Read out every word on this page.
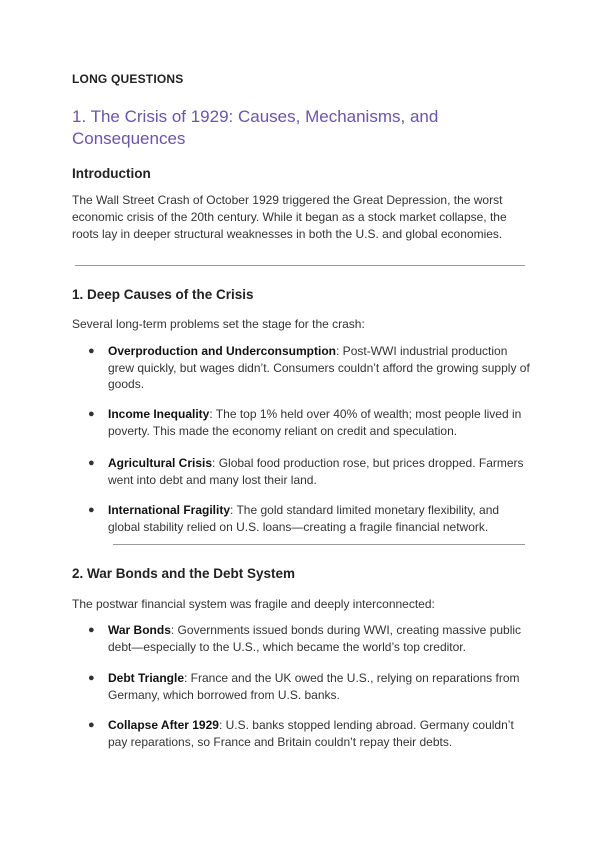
LONG QUESTIONS
1. The Crisis of 1929: Causes, Mechanisms, and Consequences
Introduction
The Wall Street Crash of October 1929 triggered the Great Depression, the worst economic crisis of the 20th century. While it began as a stock market collapse, the roots lay in deeper structural weaknesses in both the U.S. and global economies.
1. Deep Causes of the Crisis
Several long-term problems set the stage for the crash:
● Overproduction and Underconsumption: Post-WWI industrial production grew quickly, but wages didn’t. Consumers couldn’t afford the growing supply of goods.
● Income Inequality: The top 1% held over 40% of wealth; most people lived in poverty. This made the economy reliant on credit and speculation.
● Agricultural Crisis: Global food production rose, but prices dropped. Farmers went into debt and many lost their land.
● International Fragility: The gold standard limited monetary flexibility, and global stability relied on U.S. loans—creating a fragile financial network.
2. War Bonds and the Debt System
The postwar financial system was fragile and deeply interconnected:
● War Bonds: Governments issued bonds during WWI, creating massive public debt—especially to the U.S., which became the world’s top creditor.
● Debt Triangle: France and the UK owed the U.S., relying on reparations from Germany, which borrowed from U.S. banks.
● Collapse After 1929: U.S. banks stopped lending abroad. Germany couldn’t pay reparations, so France and Britain couldn’t repay their debts.
